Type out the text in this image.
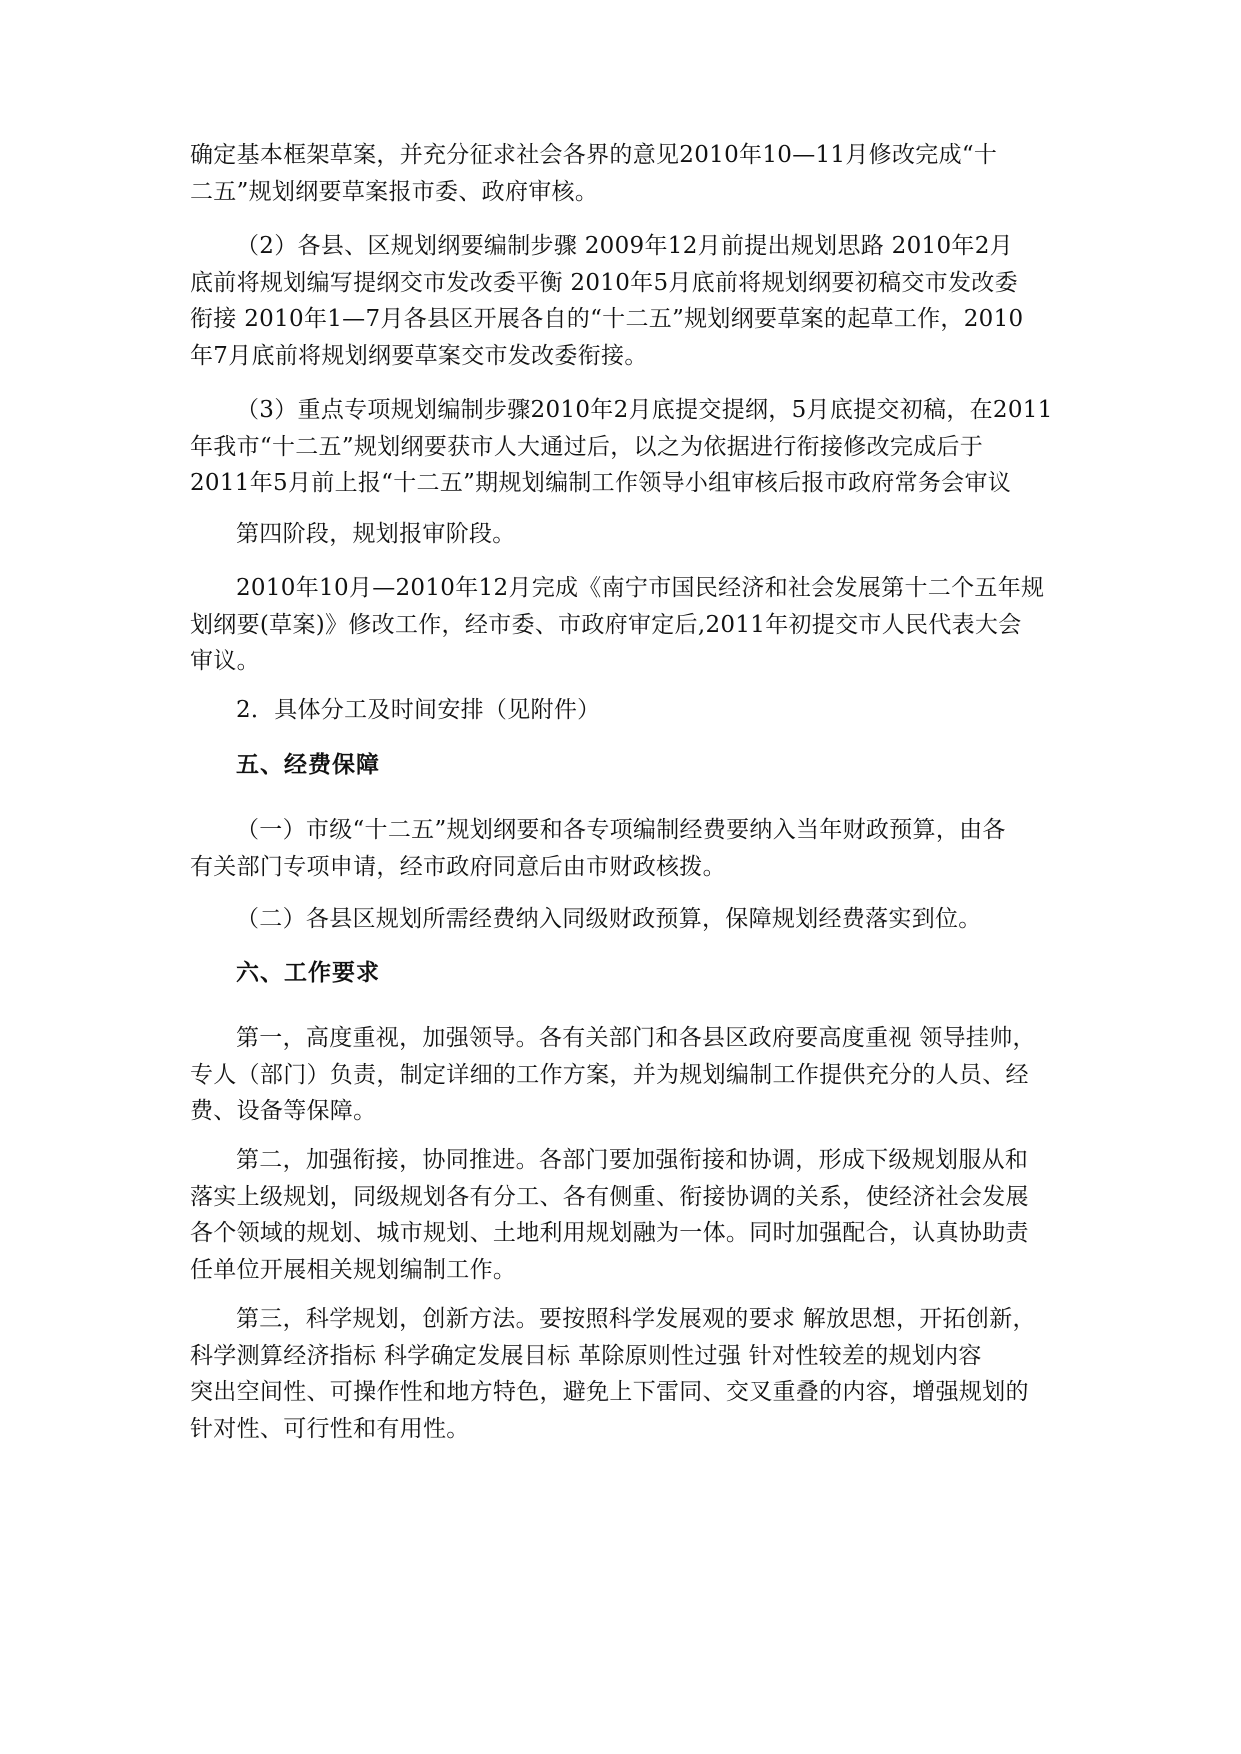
确定基本框架草案，并充分征求社会各界的意见2010年10—11月修改完成“十
二五”规划纲要草案报市委、政府审核。
（2）各县、区规划纲要编制步骤 2009年12月前提出规划思路 2010年2月
底前将规划编写提纲交市发改委平衡 2010年5月底前将规划纲要初稿交市发改委
衔接 2010年1—7月各县区开展各自的“十二五”规划纲要草案的起草工作，2010
年7月底前将规划纲要草案交市发改委衔接。
（3）重点专项规划编制步骤2010年2月底提交提纲，5月底提交初稿，在2011
年我市“十二五”规划纲要获市人大通过后，以之为依据进行衔接修改完成后于
2011年5月前上报“十二五”期规划编制工作领导小组审核后报市政府常务会审议
第四阶段，规划报审阶段。
2010年10月—2010年12月完成《南宁市国民经济和社会发展第十二个五年规
划纲要(草案)》修改工作，经市委、市政府审定后,2011年初提交市人民代表大会
审议。
2．具体分工及时间安排（见附件）
五、经费保障
（一）市级“十二五”规划纲要和各专项编制经费要纳入当年财政预算，由各
有关部门专项申请，经市政府同意后由市财政核拨。
（二）各县区规划所需经费纳入同级财政预算，保障规划经费落实到位。
六、工作要求
第一，高度重视，加强领导。各有关部门和各县区政府要高度重视 领导挂帅，
专人（部门）负责，制定详细的工作方案，并为规划编制工作提供充分的人员、经
费、设备等保障。
第二，加强衔接，协同推进。各部门要加强衔接和协调，形成下级规划服从和
落实上级规划，同级规划各有分工、各有侧重、衔接协调的关系，使经济社会发展
各个领域的规划、城市规划、土地利用规划融为一体。同时加强配合，认真协助责
任单位开展相关规划编制工作。
第三，科学规划，创新方法。要按照科学发展观的要求 解放思想，开拓创新，
科学测算经济指标 科学确定发展目标 革除原则性过强 针对性较差的规划内容
突出空间性、可操作性和地方特色，避免上下雷同、交叉重叠的内容，增强规划的
针对性、可行性和有用性。
